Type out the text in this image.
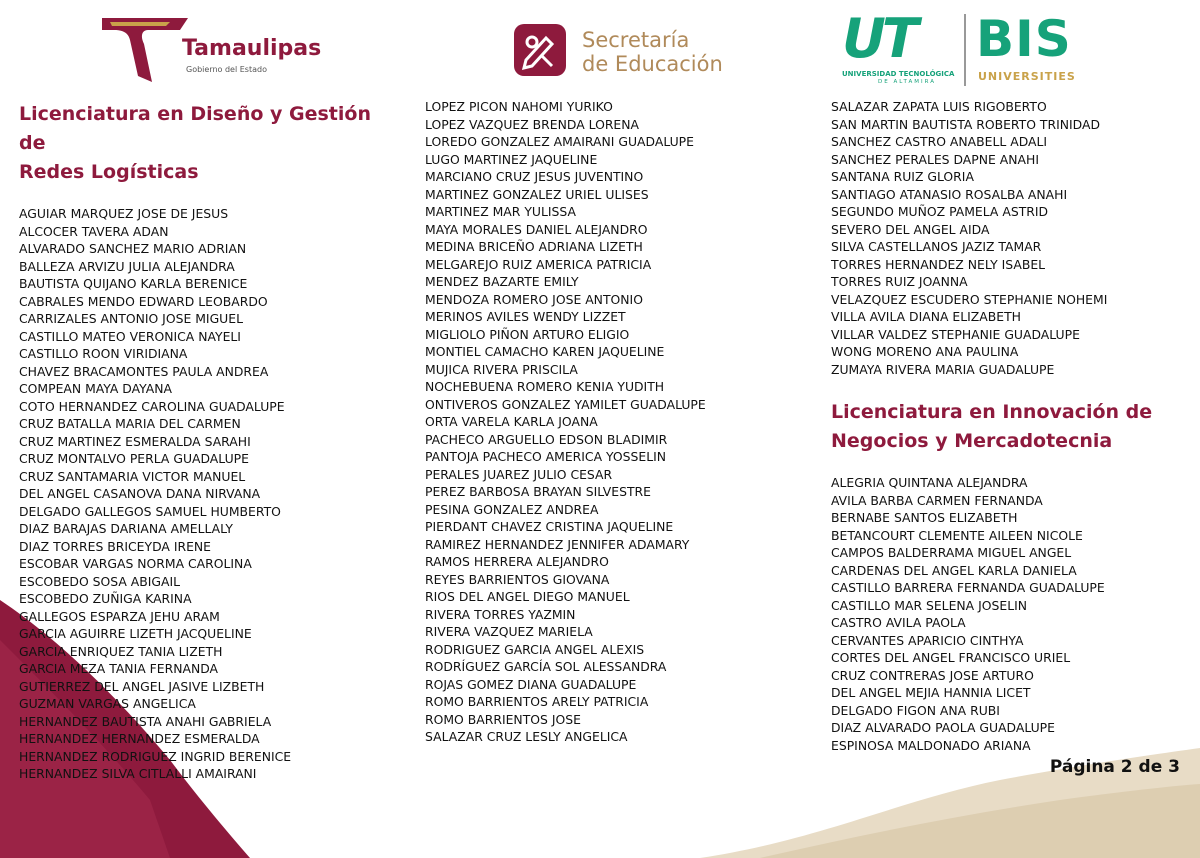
Tamaulipas
Gobierno del Estado
Secretaría
de Educación UT
UNIVERSIDAD TECNOLÓGICA
DE ALTAMIRA
BIS
UNIVERSITIES
Licenciatura en Diseño y Gestión de
Redes Logísticas
AGUIAR MARQUEZ JOSE DE JESUS
ALCOCER TAVERA ADAN
ALVARADO SANCHEZ MARIO ADRIAN
BALLEZA ARVIZU JULIA ALEJANDRA
BAUTISTA QUIJANO KARLA BERENICE
CABRALES MENDO EDWARD LEOBARDO
CARRIZALES ANTONIO JOSE MIGUEL
CASTILLO MATEO VERONICA NAYELI
CASTILLO ROON VIRIDIANA
CHAVEZ BRACAMONTES PAULA ANDREA
COMPEAN MAYA DAYANA
COTO HERNANDEZ CAROLINA GUADALUPE
CRUZ BATALLA MARIA DEL CARMEN
CRUZ MARTINEZ ESMERALDA SARAHI
CRUZ MONTALVO PERLA GUADALUPE
CRUZ SANTAMARIA VICTOR MANUEL
DEL ANGEL CASANOVA DANA NIRVANA
DELGADO GALLEGOS SAMUEL HUMBERTO
DIAZ BARAJAS DARIANA AMELLALY
DIAZ TORRES BRICEYDA IRENE
ESCOBAR VARGAS NORMA CAROLINA
ESCOBEDO SOSA ABIGAIL
ESCOBEDO ZUÑIGA KARINA
GALLEGOS ESPARZA JEHU ARAM
GARCIA AGUIRRE LIZETH JACQUELINE
GARCIA ENRIQUEZ TANIA LIZETH
GARCIA MEZA TANIA FERNANDA
GUTIERREZ DEL ANGEL JASIVE LIZBETH
GUZMAN VARGAS ANGELICA
HERNANDEZ BAUTISTA ANAHI GABRIELA
HERNANDEZ HERNANDEZ ESMERALDA
HERNANDEZ RODRIGUEZ INGRID BERENICE
HERNANDEZ SILVA CITLALLI AMAIRANI
LOPEZ PICON NAHOMI YURIKO
LOPEZ VAZQUEZ BRENDA LORENA
LOREDO GONZALEZ AMAIRANI GUADALUPE
LUGO MARTINEZ JAQUELINE
MARCIANO CRUZ JESUS JUVENTINO
MARTINEZ GONZALEZ URIEL ULISES
MARTINEZ MAR YULISSA
MAYA MORALES DANIEL ALEJANDRO
MEDINA BRICEÑO ADRIANA LIZETH
MELGAREJO RUIZ AMERICA PATRICIA
MENDEZ BAZARTE EMILY
MENDOZA ROMERO JOSE ANTONIO
MERINOS AVILES WENDY LIZZET
MIGLIOLO PIÑON ARTURO ELIGIO
MONTIEL CAMACHO KAREN JAQUELINE
MUJICA RIVERA PRISCILA
NOCHEBUENA ROMERO KENIA YUDITH
ONTIVEROS GONZALEZ YAMILET GUADALUPE
ORTA VARELA KARLA JOANA
PACHECO ARGUELLO EDSON BLADIMIR
PANTOJA PACHECO AMERICA YOSSELIN
PERALES JUAREZ JULIO CESAR
PEREZ BARBOSA BRAYAN SILVESTRE
PESINA GONZALEZ ANDREA
PIERDANT CHAVEZ CRISTINA JAQUELINE
RAMIREZ HERNANDEZ JENNIFER ADAMARY
RAMOS HERRERA ALEJANDRO
REYES BARRIENTOS GIOVANA
RIOS DEL ANGEL DIEGO MANUEL
RIVERA TORRES YAZMIN
RIVERA VAZQUEZ MARIELA
RODRIGUEZ GARCIA ANGEL ALEXIS
RODRÍGUEZ GARCÍA SOL ALESSANDRA
ROJAS GOMEZ DIANA GUADALUPE
ROMO BARRIENTOS ARELY PATRICIA
ROMO BARRIENTOS JOSE
SALAZAR CRUZ LESLY ANGELICA
SALAZAR ZAPATA LUIS RIGOBERTO
SAN MARTIN BAUTISTA ROBERTO TRINIDAD
SANCHEZ CASTRO ANABELL ADALI
SANCHEZ PERALES DAPNE ANAHI
SANTANA RUIZ GLORIA
SANTIAGO ATANASIO ROSALBA ANAHI
SEGUNDO MUÑOZ PAMELA ASTRID
SEVERO DEL ANGEL AIDA
SILVA CASTELLANOS JAZIZ TAMAR
TORRES HERNANDEZ NELY ISABEL
TORRES RUIZ JOANNA
VELAZQUEZ ESCUDERO STEPHANIE NOHEMI
VILLA AVILA DIANA ELIZABETH
VILLAR VALDEZ STEPHANIE GUADALUPE
WONG MORENO ANA PAULINA
ZUMAYA RIVERA MARIA GUADALUPE
Licenciatura en Innovación de
Negocios y Mercadotecnia
ALEGRIA QUINTANA ALEJANDRA
AVILA BARBA CARMEN FERNANDA
BERNABE SANTOS ELIZABETH
BETANCOURT CLEMENTE AILEEN NICOLE
CAMPOS BALDERRAMA MIGUEL ANGEL
CARDENAS DEL ANGEL KARLA DANIELA
CASTILLO BARRERA FERNANDA GUADALUPE
CASTILLO MAR SELENA JOSELIN
CASTRO AVILA PAOLA
CERVANTES APARICIO CINTHYA
CORTES DEL ANGEL FRANCISCO URIEL
CRUZ CONTRERAS JOSE ARTURO
DEL ANGEL MEJIA HANNIA LICET
DELGADO FIGON ANA RUBI
DIAZ ALVARADO PAOLA GUADALUPE
ESPINOSA MALDONADO ARIANA
Página 2 de 3
